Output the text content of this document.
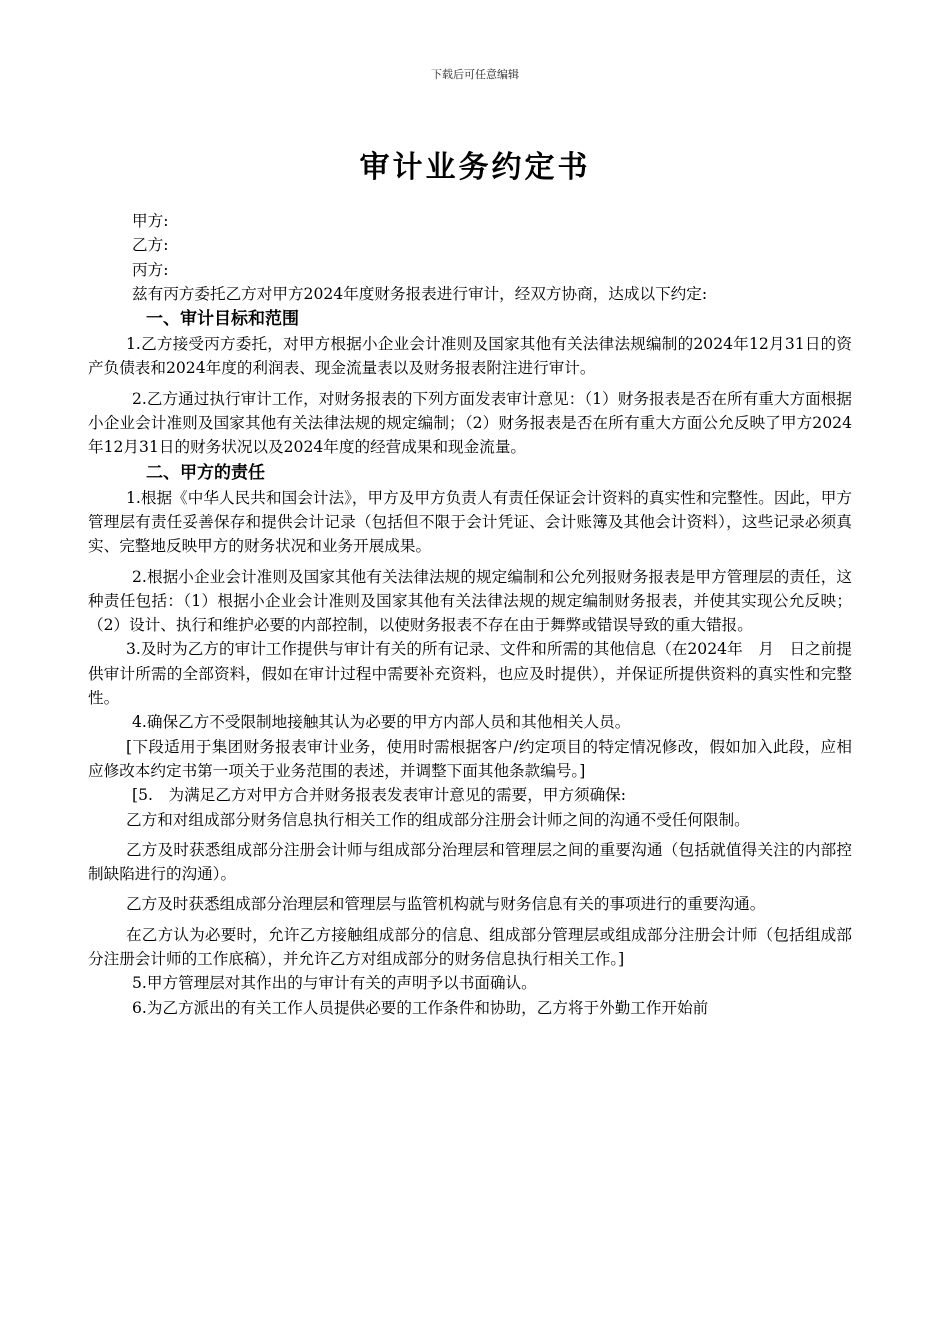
下载后可任意编辑
审计业务约定书

甲方:

乙方:

丙方:

兹有丙方委托乙方对甲方2024年度财务报表进行审计，经双方协商，达成以下约定:

一、审计目标和范围

1.乙方接受丙方委托，对甲方根据小企业会计准则及国家其他有关法律法规编制的2024年12月31日的资产负债表和2024年度的利润表、现金流量表以及财务报表附注进行审计。

2.乙方通过执行审计工作，对财务报表的下列方面发表审计意见：（1）财务报表是否在所有重大方面根据小企业会计准则及国家其他有关法律法规的规定编制；（2）财务报表是否在所有重大方面公允反映了甲方2024年12月31日的财务状况以及2024年度的经营成果和现金流量。

二、甲方的责任

1.根据《中华人民共和国会计法》，甲方及甲方负责人有责任保证会计资料的真实性和完整性。因此，甲方管理层有责任妥善保存和提供会计记录（包括但不限于会计凭证、会计账簿及其他会计资料），这些记录必须真实、完整地反映甲方的财务状况和业务开展成果。

2.根据小企业会计准则及国家其他有关法律法规的规定编制和公允列报财务报表是甲方管理层的责任，这种责任包括：（1）根据小企业会计准则及国家其他有关法律法规的规定编制财务报表，并使其实现公允反映；（2）设计、执行和维护必要的内部控制，以使财务报表不存在由于舞弊或错误导致的重大错报。

3.及时为乙方的审计工作提供与审计有关的所有记录、文件和所需的其他信息（在2024年　月　日之前提供审计所需的全部资料，假如在审计过程中需要补充资料，也应及时提供），并保证所提供资料的真实性和完整性。

4.确保乙方不受限制地接触其认为必要的甲方内部人员和其他相关人员。

[下段适用于集团财务报表审计业务，使用时需根据客户/约定项目的特定情况修改，假如加入此段，应相应修改本约定书第一项关于业务范围的表述，并调整下面其他条款编号。]

[5.　为满足乙方对甲方合并财务报表发表审计意见的需要，甲方须确保:

乙方和对组成部分财务信息执行相关工作的组成部分注册会计师之间的沟通不受任何限制。

乙方及时获悉组成部分注册会计师与组成部分治理层和管理层之间的重要沟通（包括就值得关注的内部控制缺陷进行的沟通）。

乙方及时获悉组成部分治理层和管理层与监管机构就与财务信息有关的事项进行的重要沟通。

在乙方认为必要时，允许乙方接触组成部分的信息、组成部分管理层或组成部分注册会计师（包括组成部分注册会计师的工作底稿），并允许乙方对组成部分的财务信息执行相关工作。]

5.甲方管理层对其作出的与审计有关的声明予以书面确认。

6.为乙方派出的有关工作人员提供必要的工作条件和协助，乙方将于外勤工作开始前
